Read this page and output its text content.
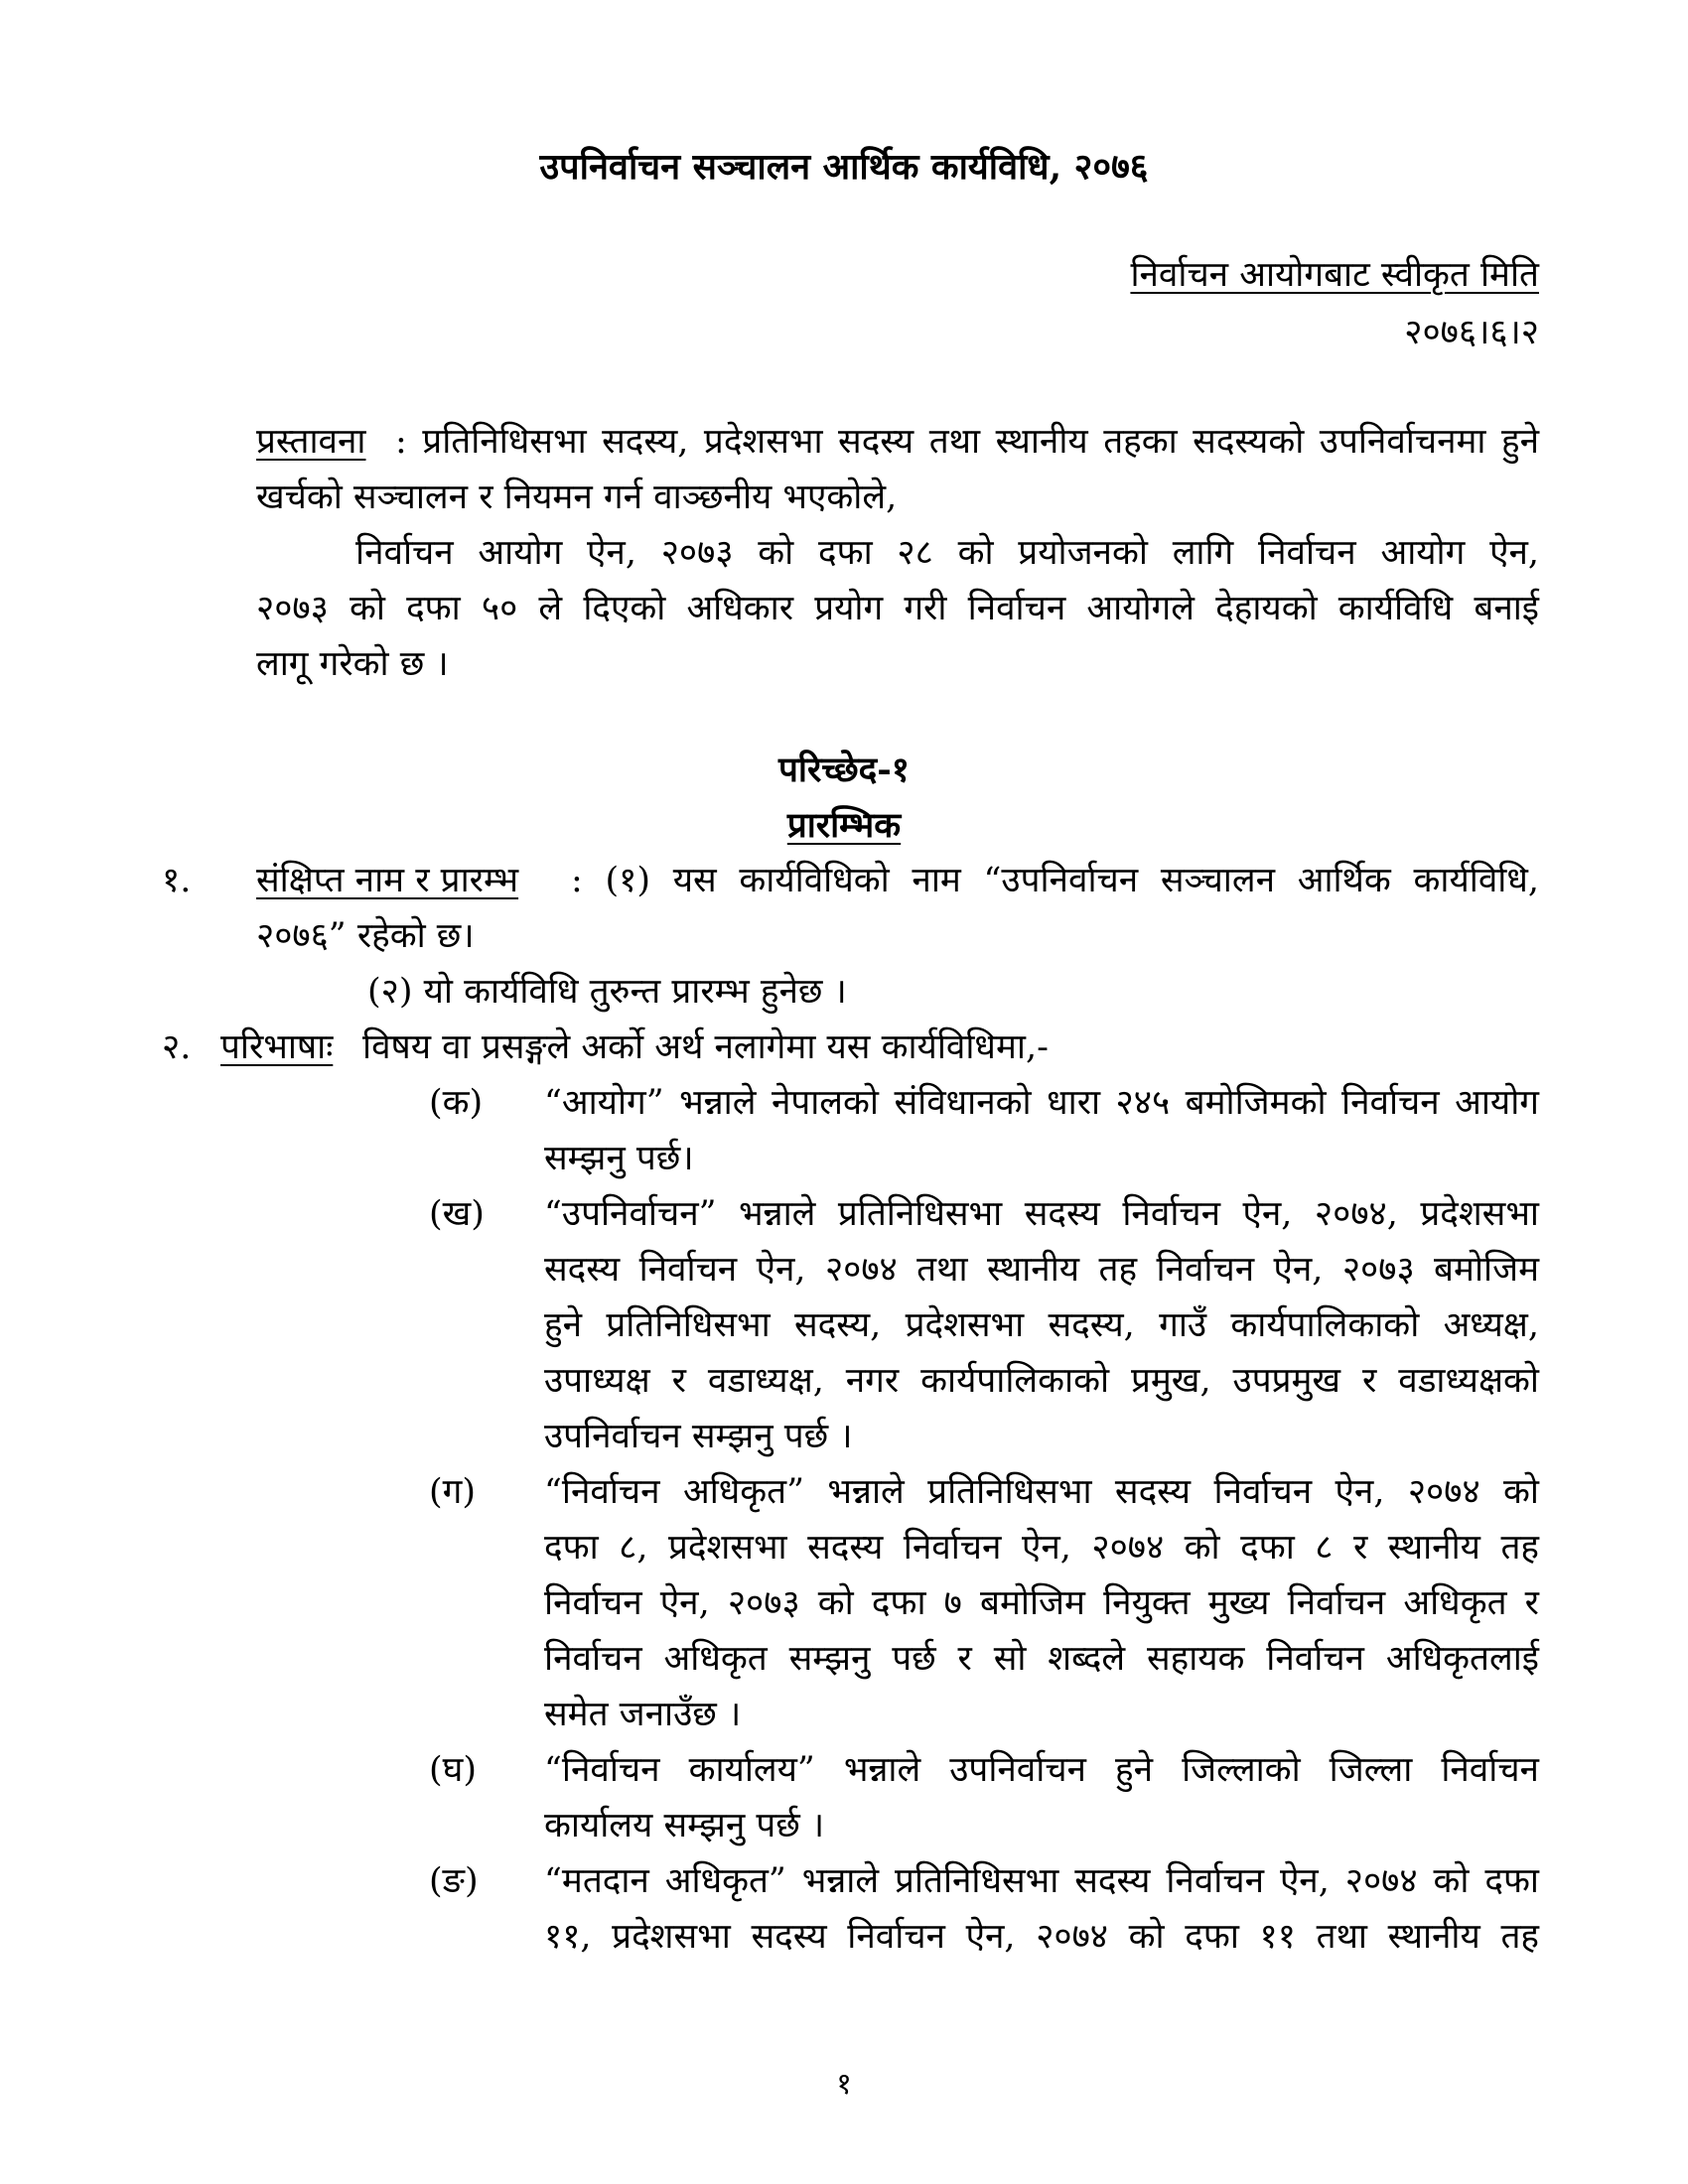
उपनिर्वाचन सञ्चालन आर्थिक कार्यविधि, २०७६
निर्वाचन आयोगबाट स्वीकृत मिति
२०७६।६।२
प्रस्तावना : प्रतिनिधिसभा सदस्य, प्रदेशसभा सदस्य तथा स्थानीय तहका सदस्यको उपनिर्वाचनमा हुने
खर्चको सञ्चालन र नियमन गर्न वाञ्छनीय भएकोले,
निर्वाचन आयोग ऐन, २०७३ को दफा २८ को प्रयोजनको लागि निर्वाचन आयोग ऐन,
२०७३ को दफा ५० ले दिएको अधिकार प्रयोग गरी निर्वाचन आयोगले देहायको कार्यविधि बनाई
लागू गरेको छ ।
परिच्छेद-१
प्रारम्भिक
१. संक्षिप्त नाम र प्रारम्भ : (१) यस कार्यविधिको नाम “उपनिर्वाचन सञ्चालन आर्थिक कार्यविधि,
२०७६” रहेको छ।
(२) यो कार्यविधि तुरुन्त प्रारम्भ हुनेछ ।
२. परिभाषाः विषय वा प्रसङ्गले अर्को अर्थ नलागेमा यस कार्यविधिमा,-
(क) “आयोग” भन्नाले नेपालको संविधानको धारा २४५ बमोजिमको निर्वाचन आयोग
सम्झनु पर्छ।
(ख) “उपनिर्वाचन” भन्नाले प्रतिनिधिसभा सदस्य निर्वाचन ऐन, २०७४, प्रदेशसभा
सदस्य निर्वाचन ऐन, २०७४ तथा स्थानीय तह निर्वाचन ऐन, २०७३ बमोजिम
हुने प्रतिनिधिसभा सदस्य, प्रदेशसभा सदस्य, गाउँ कार्यपालिकाको अध्यक्ष,
उपाध्यक्ष र वडाध्यक्ष, नगर कार्यपालिकाको प्रमुख, उपप्रमुख र वडाध्यक्षको
उपनिर्वाचन सम्झनु पर्छ ।
(ग) “निर्वाचन अधिकृत” भन्नाले प्रतिनिधिसभा सदस्य निर्वाचन ऐन, २०७४ को
दफा ८, प्रदेशसभा सदस्य निर्वाचन ऐन, २०७४ को दफा ८ र स्थानीय तह
निर्वाचन ऐन, २०७३ को दफा ७ बमोजिम नियुक्त मुख्य निर्वाचन अधिकृत र
निर्वाचन अधिकृत सम्झनु पर्छ र सो शब्दले सहायक निर्वाचन अधिकृतलाई
समेत जनाउँछ ।
(घ) “निर्वाचन कार्यालय” भन्नाले उपनिर्वाचन हुने जिल्लाको जिल्ला निर्वाचन
कार्यालय सम्झनु पर्छ ।
(ङ) “मतदान अधिकृत” भन्नाले प्रतिनिधिसभा सदस्य निर्वाचन ऐन, २०७४ को दफा
११, प्रदेशसभा सदस्य निर्वाचन ऐन, २०७४ को दफा ११ तथा स्थानीय तह
१
